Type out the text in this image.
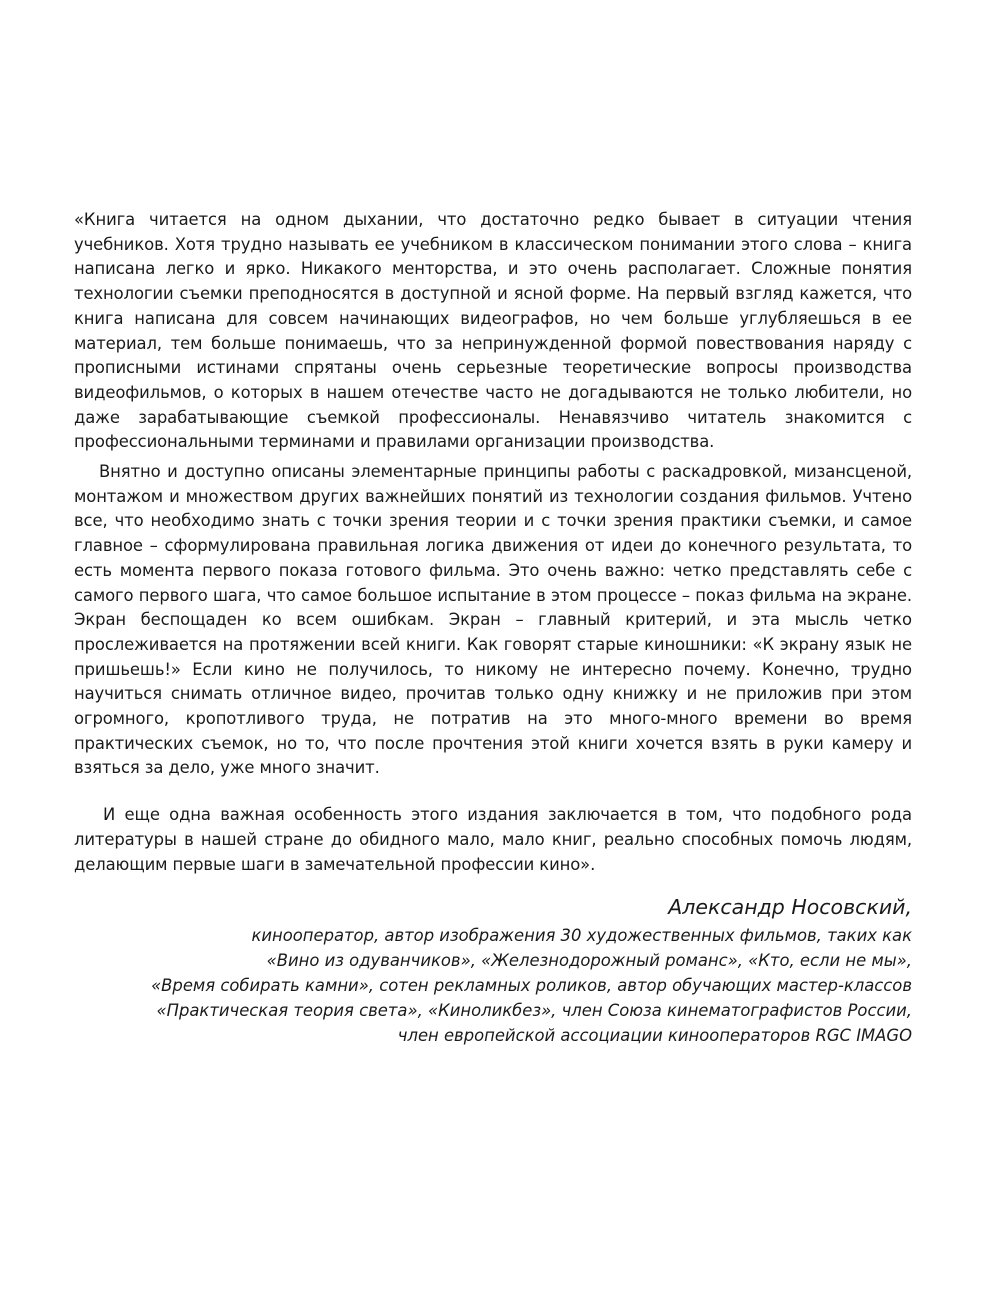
«Книга читается на одном дыхании, что достаточно редко бывает в ситуации чтения учебников. Хотя трудно называть ее учебником в классическом понимании этого слова – книга написана легко и ярко. Никакого менторства, и это очень располагает. Сложные понятия технологии съемки преподносятся в доступной и ясной форме. На первый взгляд кажется, что книга написана для совсем начинающих видеографов, но чем больше углубляешься в ее материал, тем больше понимаешь, что за непринужденной формой повествования наряду с прописными истинами спрятаны очень серьезные теоретические вопросы производства видеофильмов, о которых в нашем отечестве часто не догадываются не только любители, но даже зарабатывающие съемкой профессионалы. Ненавязчиво читатель знакомится с профессиональными терминами и правилами организации производства.

Внятно и доступно описаны элементарные принципы работы с раскадровкой, мизансценой, монтажом и множеством других важнейших понятий из технологии создания фильмов. Учтено все, что необходимо знать с точки зрения теории и с точки зрения практики съемки, и самое главное – сформулирована правильная логика движения от идеи до конечного результата, то есть момента первого показа готового фильма. Это очень важно: четко представлять себе с самого первого шага, что самое большое испытание в этом процессе – показ фильма на экране. Экран беспощаден ко всем ошибкам. Экран – главный критерий, и эта мысль четко прослеживается на протяжении всей книги. Как говорят старые киношники: «К экрану язык не пришьешь!» Если кино не получилось, то никому не интересно почему. Конечно, трудно научиться снимать отличное видео, прочитав только одну книжку и не приложив при этом огромного, кропотливого труда, не потратив на это много-много времени во время практических съемок, но то, что после прочтения этой книги хочется взять в руки камеру и взяться за дело, уже много значит.

И еще одна важная особенность этого издания заключается в том, что подобного рода литературы в нашей стране до обидного мало, мало книг, реально способных помочь людям, делающим первые шаги в замечательной профессии кино».

Александр Носовский,

кинооператор, автор изображения 30 художественных фильмов, таких как

«Вино из одуванчиков», «Железнодорожный романс», «Кто, если не мы»,

«Время собирать камни», сотен рекламных роликов, автор обучающих мастер-классов

«Практическая теория света», «Киноликбез», член Союза кинематографистов России,

член европейской ассоциации кинооператоров RGC IMAGO
